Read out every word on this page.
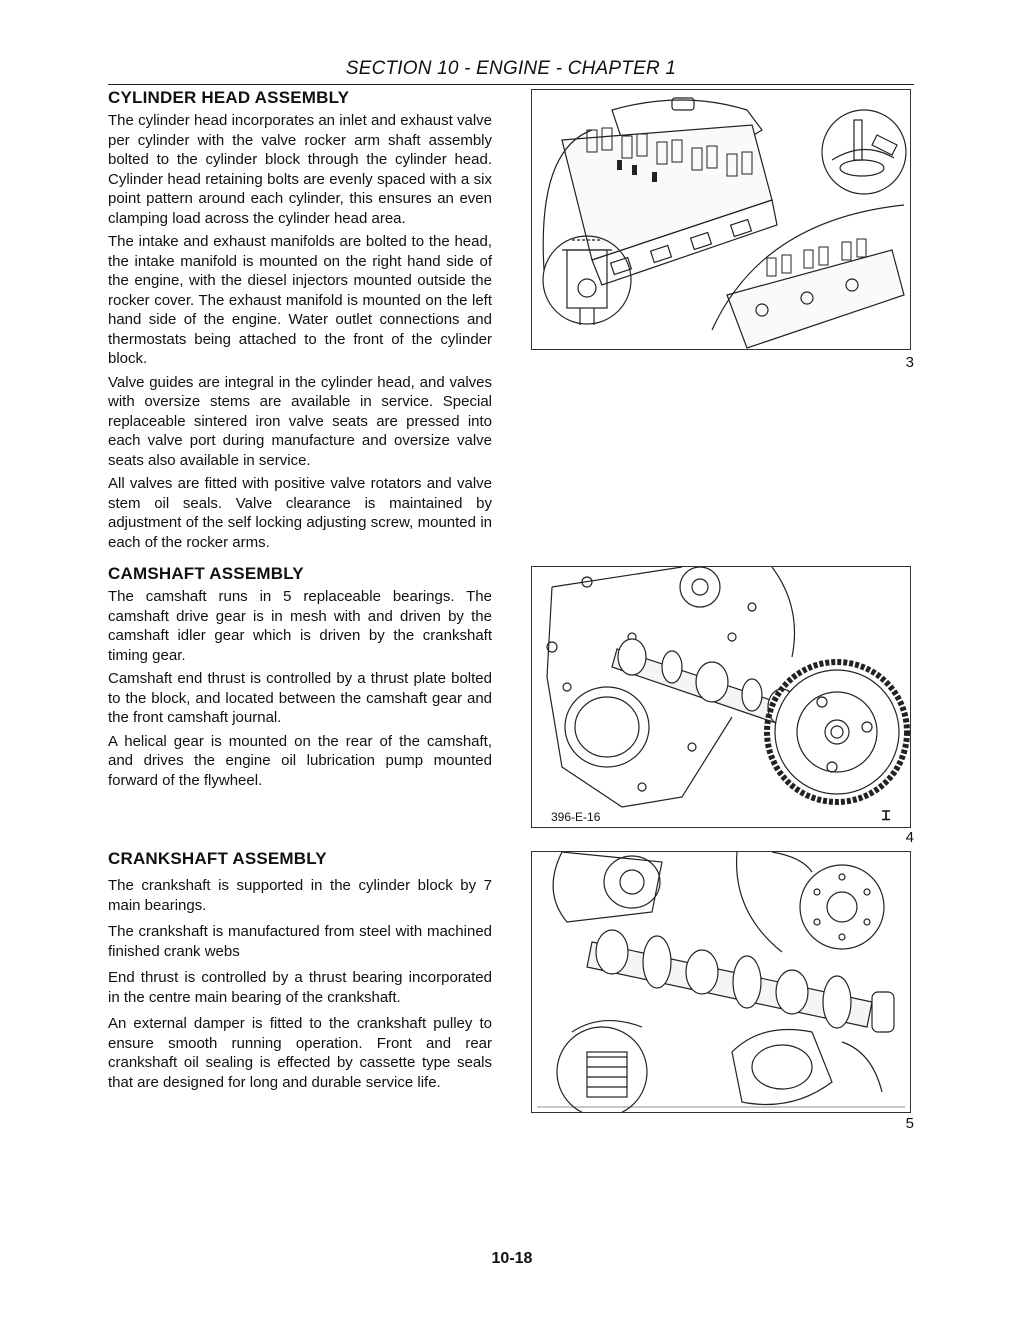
SECTION 10 - ENGINE - CHAPTER 1
CYLINDER HEAD ASSEMBLY

The cylinder head incorporates an inlet and exhaust valve per cylinder with the valve rocker arm shaft assembly bolted to the cylinder block through the cylinder head. Cylinder head retaining bolts are evenly spaced with a six point pattern around each cylinder, this ensures an even clamping load across the cylinder head area.

The intake and exhaust manifolds are bolted to the head, the intake manifold is mounted on the right hand side of the engine, with the diesel injectors mounted outside the rocker cover. The exhaust manifold is mounted on the left hand side of the engine. Water outlet connections and thermostats being attached to the front of the cylinder block.

Valve guides are integral in the cylinder head, and valves with oversize stems are available in service. Special replaceable sintered iron valve seats are pressed into each valve port during manufacture and oversize valve seats also available in service.

All valves are fitted with positive valve rotators and valve stem oil seals. Valve clearance is maintained by adjustment of the self locking adjusting screw, mounted in each of the rocker arms.

CAMSHAFT ASSEMBLY

The camshaft runs in 5 replaceable bearings. The camshaft drive gear is in mesh with and driven by the camshaft idler gear which is driven by the crankshaft timing gear.

Camshaft end thrust is controlled by a thrust plate bolted to the block, and located between the camshaft gear and the front camshaft journal.

A helical gear is mounted on the rear of the camshaft, and drives the engine oil lubrication pump mounted forward of the flywheel.

CRANKSHAFT ASSEMBLY

The crankshaft is supported in the cylinder block by 7 main bearings.

The crankshaft is manufactured from steel with machined finished crank webs

End thrust is controlled by a thrust bearing incorporated in the centre main bearing of the crankshaft.

An external damper is fitted to the crankshaft pulley to ensure smooth running operation. Front and rear crankshaft oil sealing is effected by cassette type seals that are designed for long and durable service life.

3
396-E-16	Ꮖ
4
5
10-18
